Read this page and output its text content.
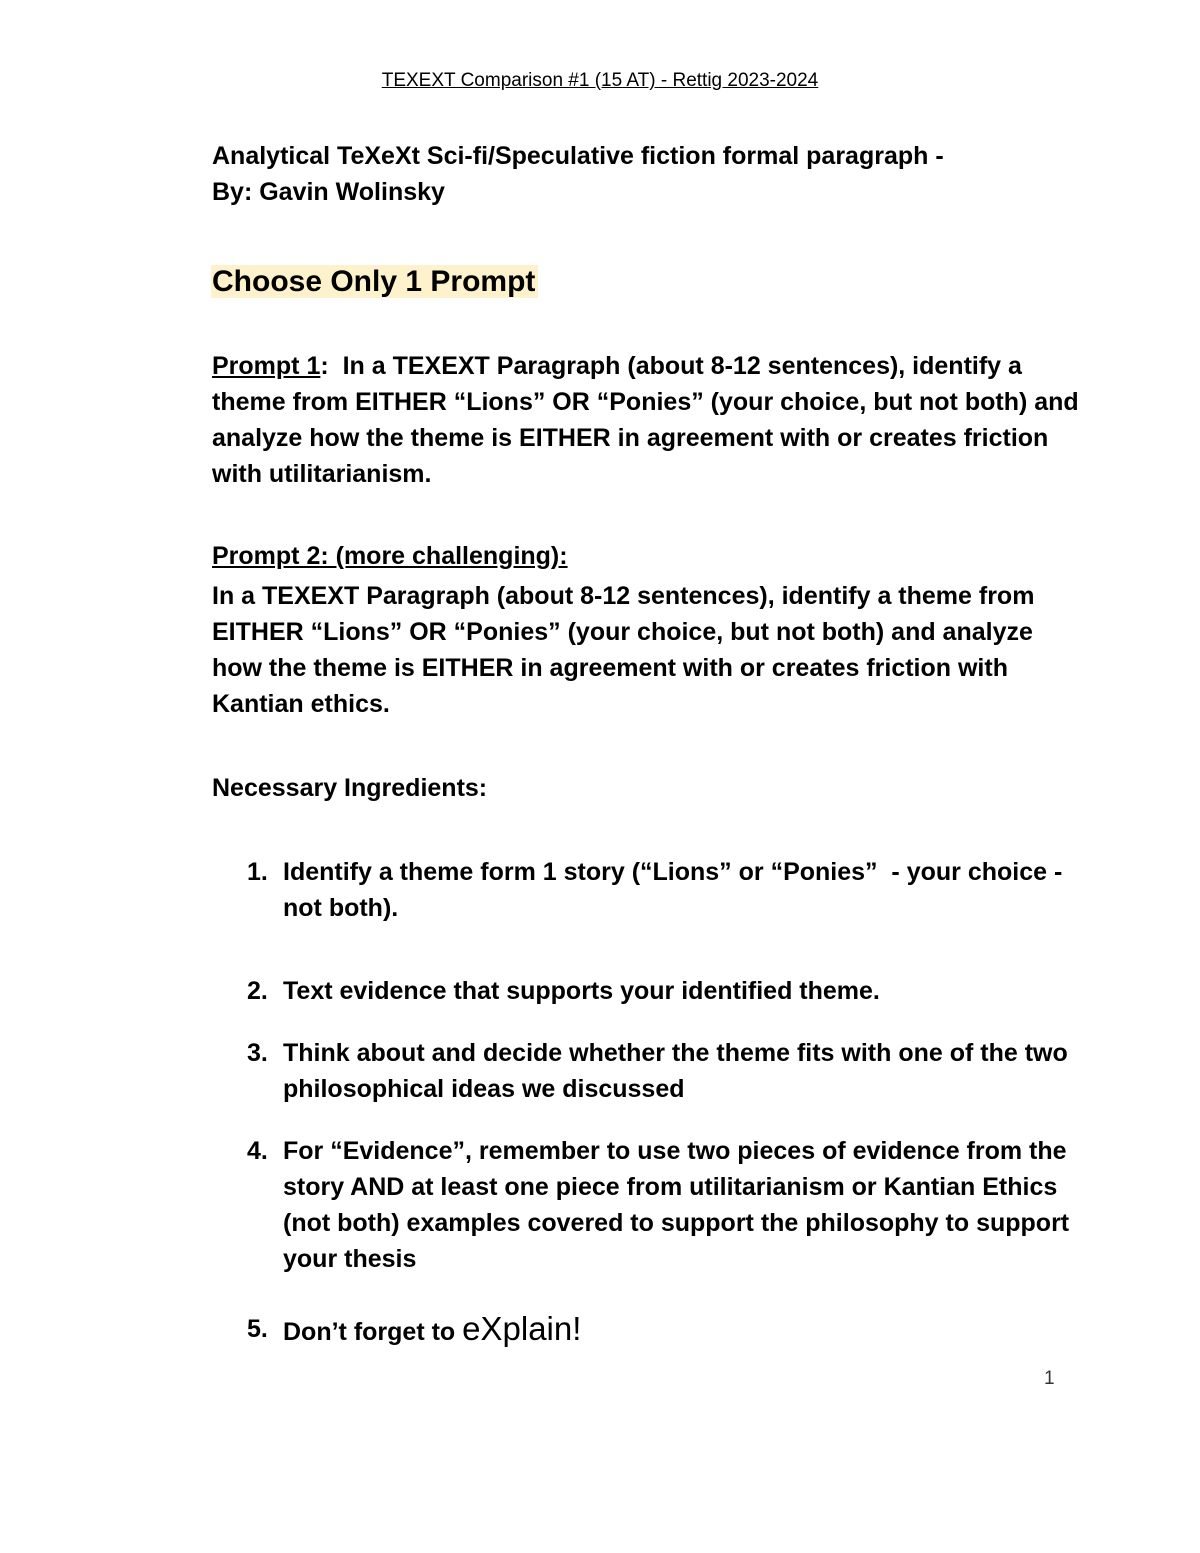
TEXEXT Comparison #1 (15 AT) - Rettig 2023-2024
Analytical TeXeXt Sci-fi/Speculative fiction formal paragraph -
By: Gavin Wolinsky
Choose Only 1 Prompt
Prompt 1:  In a TEXEXT Paragraph (about 8-12 sentences), identify a theme from EITHER “Lions” OR “Ponies” (your choice, but not both) and analyze how the theme is EITHER in agreement with or creates friction with utilitarianism.
Prompt 2: (more challenging):
In a TEXEXT Paragraph (about 8-12 sentences), identify a theme from EITHER “Lions” OR “Ponies” (your choice, but not both) and analyze how the theme is EITHER in agreement with or creates friction with Kantian ethics.
Necessary Ingredients:
1. Identify a theme form 1 story (“Lions” or “Ponies”  - your choice - not both).
2. Text evidence that supports your identified theme.
3. Think about and decide whether the theme fits with one of the two philosophical ideas we discussed
4. For “Evidence”, remember to use two pieces of evidence from the story AND at least one piece from utilitarianism or Kantian Ethics (not both) examples covered to support the philosophy to support your thesis
5. Don’t forget to eXplain!
1
